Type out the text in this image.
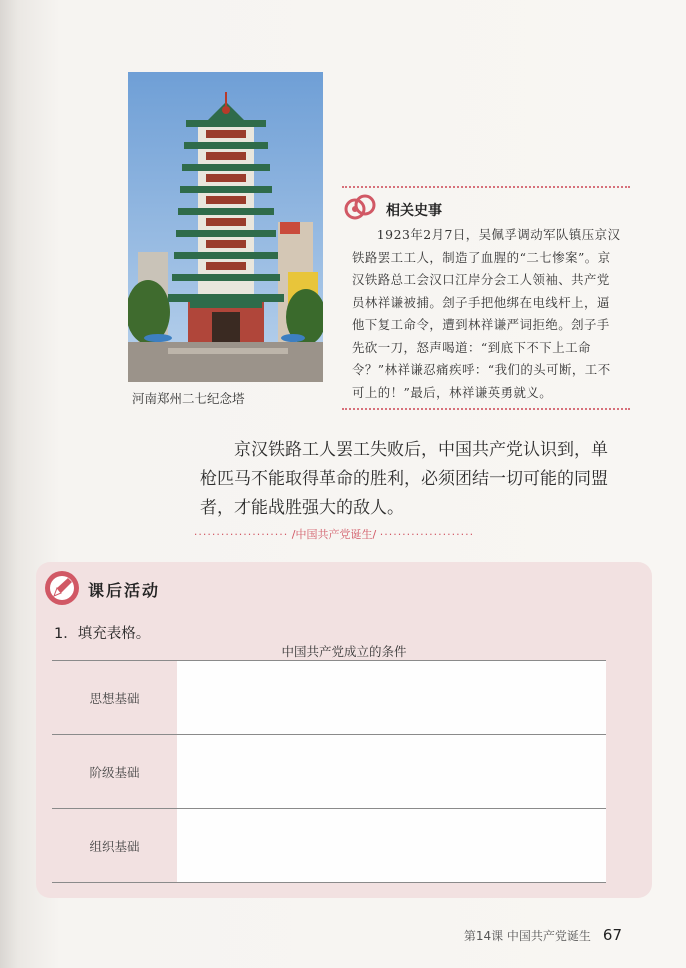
河南郑州二七纪念塔
相关史事
1923年2月7日，吴佩孚调动军队镇压京汉铁路罢工工人，制造了血腥的“二七惨案”。京汉铁路总工会汉口江岸分会工人领袖、共产党员林祥谦被捕。刽子手把他绑在电线杆上，逼他下复工命令，遭到林祥谦严词拒绝。刽子手先砍一刀，怒声喝道：“到底下不下上工命令？”林祥谦忍痛疾呼：“我们的头可断，工不可上的！”最后，林祥谦英勇就义。
京汉铁路工人罢工失败后，中国共产党认识到，单枪匹马不能取得革命的胜利，必须团结一切可能的同盟者，才能战胜强大的敌人。
····················· /中国共产党诞生/ ·····················
课后活动
1．填充表格。
中国共产党成立的条件
思想基础
阶级基础
组织基础
第14课 中国共产党诞生 67
